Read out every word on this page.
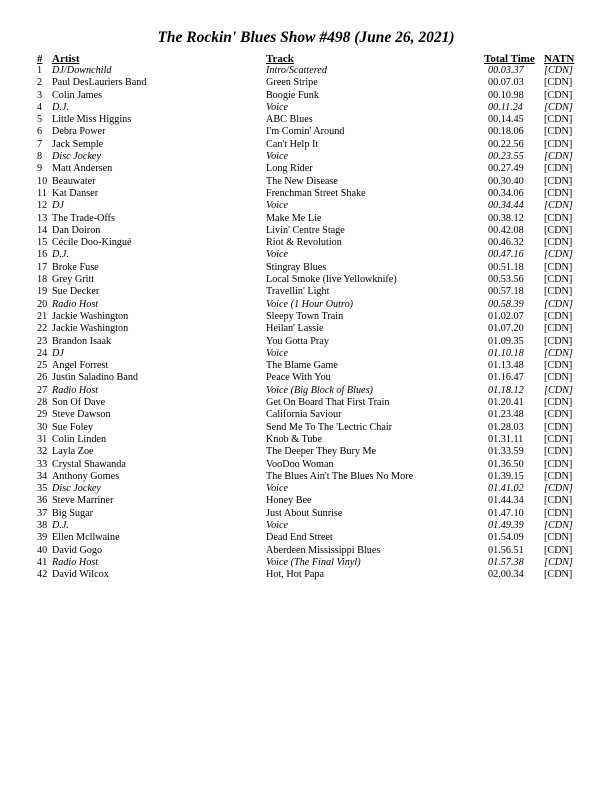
The Rockin' Blues Show #498 (June 26, 2021)
# Artist	Track	Total Time NATN
1 DJ/Downchild	Intro/Scattered	00.03.37 [CDN]
2 Paul DesLauriers Band	Green Stripe	00.07.03 [CDN]
3 Colin James	Boogie Funk	00.10.98 [CDN]
4 D.J.	Voice	00.11.24 [CDN]
5 Little Miss Higgins	ABC Blues	00.14.45 [CDN]
6 Debra Power	I'm Comin' Around	00.18.06 [CDN]
7 Jack Semple	Can't Help It	00.22.56 [CDN]
8 Disc Jockey	Voice	00.23.55 [CDN]
9 Matt Andersen	Long Rider	00.27.49 [CDN]
10 Beauwater	The New Disease	00.30.40 [CDN]
11 Kat Danser	Frenchman Street Shake	00.34.06 [CDN]
12 DJ	Voice	00.34.44 [CDN]
13 The Trade-Offs	Make Me Lie	00.38.12 [CDN]
14 Dan Doiron	Livin' Centre Stage	00.42.08 [CDN]
15 Cécile Doo-Kingué	Riot & Revolution	00.46.32 [CDN]
16 D.J.	Voice	00.47.16 [CDN]
17 Broke Fuse	Stingray Blues	00.51.18 [CDN]
18 Grey Gritt	Local Smoke (live Yellowknife)	00.53.56 [CDN]
19 Sue Decker	Travellin' Light	00.57.18 [CDN]
20 Radio Host	Voice (1 Hour Outro)	00.58.39 [CDN]
21 Jackie Washington	Sleepy Town Train	01.02.07 [CDN]
22 Jackie Washington	Heilan' Lassie	01.07.20 [CDN]
23 Brandon Isaak	You Gotta Pray	01.09.35 [CDN]
24 DJ	Voice	01.10.18 [CDN]
25 Angel Forrest	The Blame Game	01.13.48 [CDN]
26 Justin Saladino Band	Peace With You	01.16.47 [CDN]
27 Radio Host	Voice (Big Block of Blues)	01.18.12 [CDN]
28 Son Of Dave	Get On Board That First Train	01.20.41 [CDN]
29 Steve Dawson	California Saviour	01.23.48 [CDN]
30 Sue Foley	Send Me To The 'Lectric Chair	01.28.03 [CDN]
31 Colin Linden	Knob & Tube	01.31.11 [CDN]
32 Layla Zoe	The Deeper They Bury Me	01.33.59 [CDN]
33 Crystal Shawanda	VooDoo Woman	01.36.50 [CDN]
34 Anthony Gomes	The Blues Ain't The Blues No More	01.39.15 [CDN]
35 Disc Jockey	Voice	01.41.02 [CDN]
36 Steve Marriner	Honey Bee	01.44.34 [CDN]
37 Big Sugar	Just About Sunrise	01.47.10 [CDN]
38 D.J.	Voice	01.49.39 [CDN]
39 Ellen Mcllwaine	Dead End Street	01.54.09 [CDN]
40 David Gogo	Aberdeen Mississippi Blues	01.56.51 [CDN]
41 Radio Host	Voice (The Final Vinyl)	01.57.38 [CDN]
42 David Wilcox	Hot, Hot Papa	02.00.34 [CDN]
